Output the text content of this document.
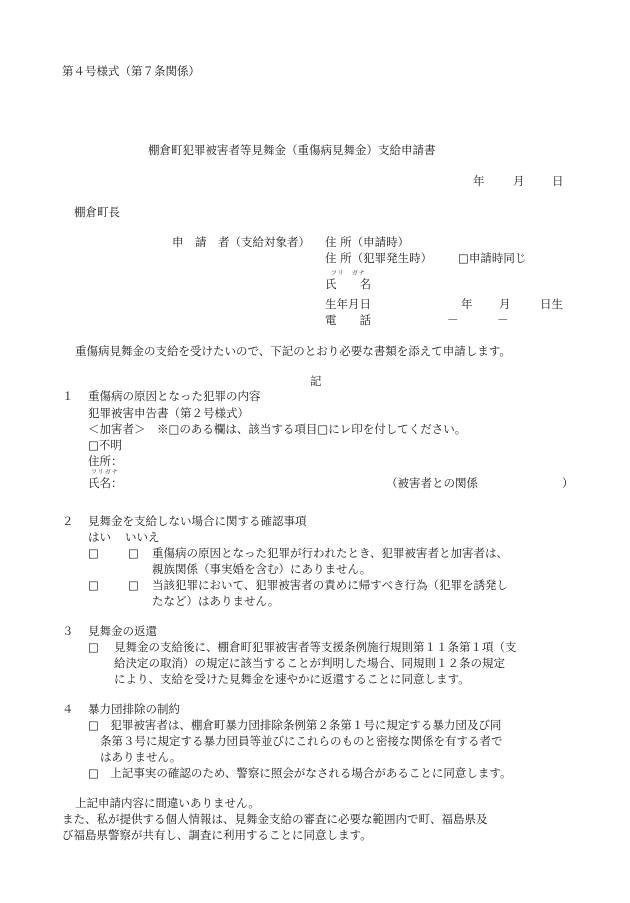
第４号様式（第７条関係）
棚倉町犯罪被害者等見舞金（重傷病見舞金）支給申請書
年 月 日
棚倉町長
申　請　者（支給対象者） 住 所（申請時）
住 所（犯罪発生時） □申請時同じ
フリ　ガナ
氏　　名
生年月日	年 月	日生
電　　話	－	－
重傷病見舞金の支給を受けたいので、下記のとおり必要な書類を添えて申請します。
記
１ 重傷病の原因となった犯罪の内容
犯罪被害申告書（第２号様式）
＜加害者＞　※□のある欄は、該当する項目□にレ印を付してください。
□不明
住所：
フリガナ
氏名：	（被害者との関係	）
２ 見舞金を支給しない場合に関する確認事項
はい いいえ
□	□ 重傷病の原因となった犯罪が行われたとき、犯罪被害者と加害者は、
親族関係（事実婚を含む）にありません。
□	□ 当該犯罪において、犯罪被害者の責めに帰すべき行為（犯罪を誘発し
たなど）はありません。
３ 見舞金の返還
□ 見舞金の支給後に、棚倉町犯罪被害者等支援条例施行規則第１１条第１項（支
給決定の取消）の規定に該当することが判明した場合、同規則１２条の規定
により、支給を受けた見舞金を速やかに返還することに同意します。
４ 暴力団排除の制約
□　犯罪被害者は、棚倉町暴力団排除条例第２条第１号に規定する暴力団及び同
条第３号に規定する暴力団員等並びにこれらのものと密接な関係を有する者で
はありません。
□　上記事実の確認のため、警察に照会がなされる場合があることに同意します。
上記申請内容に間違いありません。
また、私が提供する個人情報は、見舞金支給の審査に必要な範囲内で町、福島県及
び福島県警察が共有し、調査に利用することに同意します。
